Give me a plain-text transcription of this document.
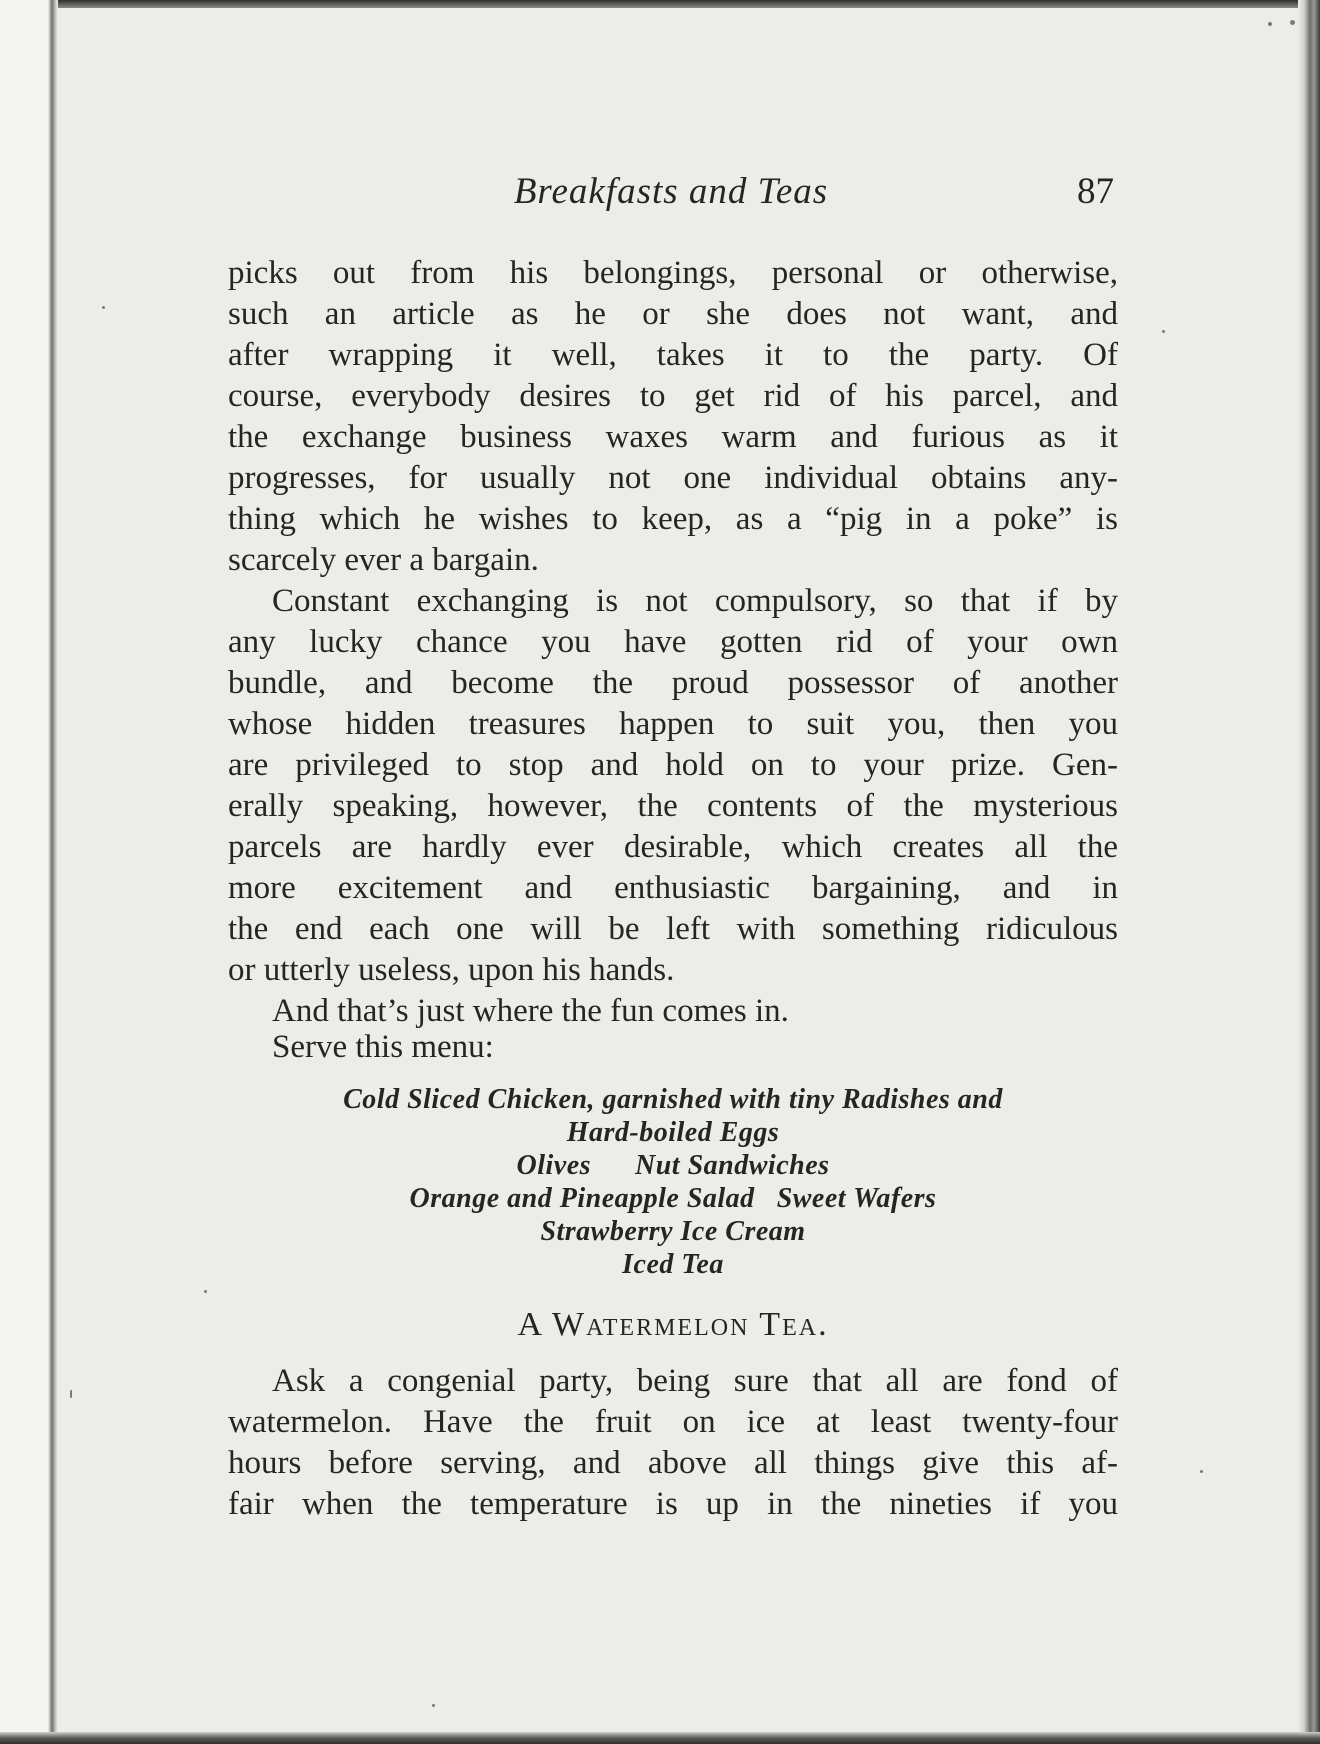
Breakfasts and Teas	87
picks out from his belongings, personal or otherwise,
such an article as he or she does not want, and
after wrapping it well, takes it to the party. Of
course, everybody desires to get rid of his parcel, and
the exchange business waxes warm and furious as it
progresses, for usually not one individual obtains any-
thing which he wishes to keep, as a “pig in a poke” is
scarcely ever a bargain.
Constant exchanging is not compulsory, so that if by
any lucky chance you have gotten rid of your own
bundle, and become the proud possessor of another
whose hidden treasures happen to suit you, then you
are privileged to stop and hold on to your prize. Gen-
erally speaking, however, the contents of the mysterious
parcels are hardly ever desirable, which creates all the
more excitement and enthusiastic bargaining, and in
the end each one will be left with something ridiculous
or utterly useless, upon his hands.
And that’s just where the fun comes in.
Serve this menu:
Cold Sliced Chicken, garnished with tiny Radishes and
Hard-boiled Eggs
Olives Nut Sandwiches
Orange and Pineapple Salad Sweet Wafers
Strawberry Ice Cream
Iced Tea
A Watermelon Tea.
Ask a congenial party, being sure that all are fond of
watermelon. Have the fruit on ice at least twenty-four
hours before serving, and above all things give this af-
fair when the temperature is up in the nineties if you
